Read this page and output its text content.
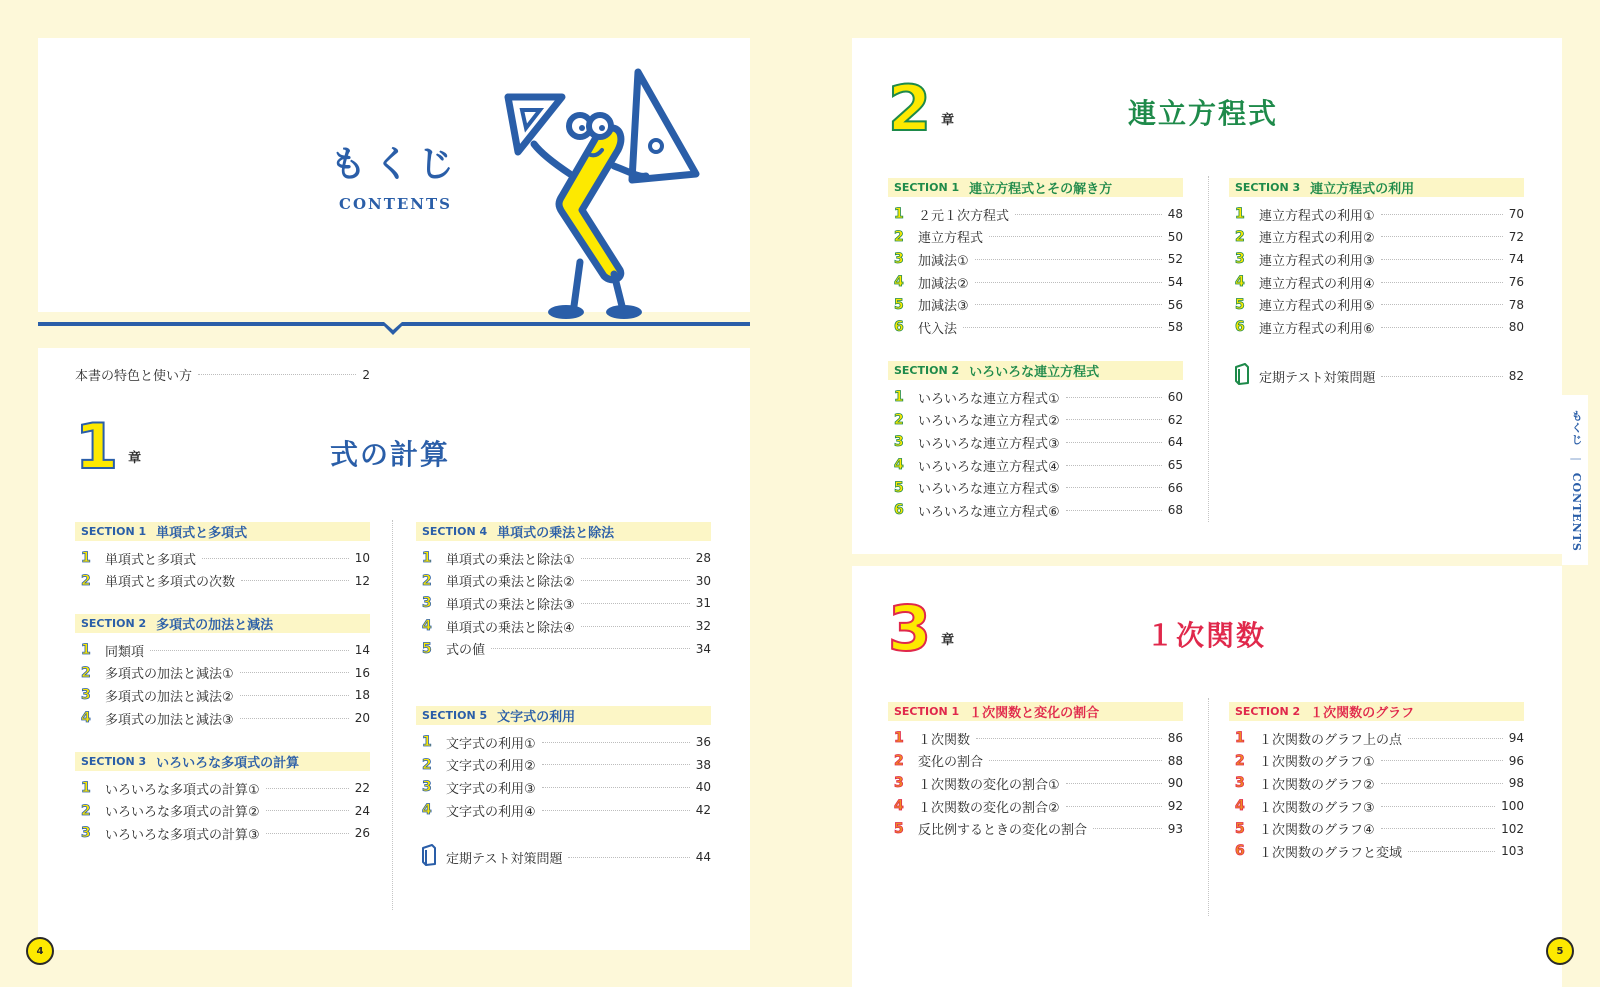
もくじ
CONTENTS
本書の特色と使い方	2
1 章	式の計算
2 章	連立方程式
3 章	１次関数
SECTION 1 単項式と多項式
1	単項式と多項式	10
2	単項式と多項式の次数	12
SECTION 2 多項式の加法と減法
1	同類項	14
2	多項式の加法と減法①	16
3	多項式の加法と減法②	18
4	多項式の加法と減法③	20
SECTION 3 いろいろな多項式の計算
1	いろいろな多項式の計算①	22
2	いろいろな多項式の計算②	24
3	いろいろな多項式の計算③	26
SECTION 4 単項式の乗法と除法
1	単項式の乗法と除法①	28
2	単項式の乗法と除法②	30
3	単項式の乗法と除法③	31
4	単項式の乗法と除法④	32
5	式の値	34
SECTION 5 文字式の利用
1	文字式の利用①	36
2	文字式の利用②	38
3	文字式の利用③	40
4	文字式の利用④	42
SECTION 1 連立方程式とその解き方
1	２元１次方程式	48
2	連立方程式	50
3	加減法①	52
4	加減法②	54
5	加減法③	56
6	代入法	58
SECTION 2 いろいろな連立方程式
1	いろいろな連立方程式①	60
2	いろいろな連立方程式②	62
3	いろいろな連立方程式③	64
4	いろいろな連立方程式④	65
5	いろいろな連立方程式⑤	66
6	いろいろな連立方程式⑥	68
SECTION 3 連立方程式の利用
1	連立方程式の利用①	70
2	連立方程式の利用②	72
3	連立方程式の利用③	74
4	連立方程式の利用④	76
5	連立方程式の利用⑤	78
6	連立方程式の利用⑥	80
SECTION 1 １次関数と変化の割合
1	１次関数	86
2	変化の割合	88
3	１次関数の変化の割合①	90
4	１次関数の変化の割合②	92
5	反比例するときの変化の割合	93
SECTION 2 １次関数のグラフ
1	１次関数のグラフ上の点	94
2	１次関数のグラフ①	96
3	１次関数のグラフ②	98
4	１次関数のグラフ③	100
5	１次関数のグラフ④	102
6	１次関数のグラフと変域	103
定期テスト対策問題	44
定期テスト対策問題	82
4	5
もくじ | CONTENTS
